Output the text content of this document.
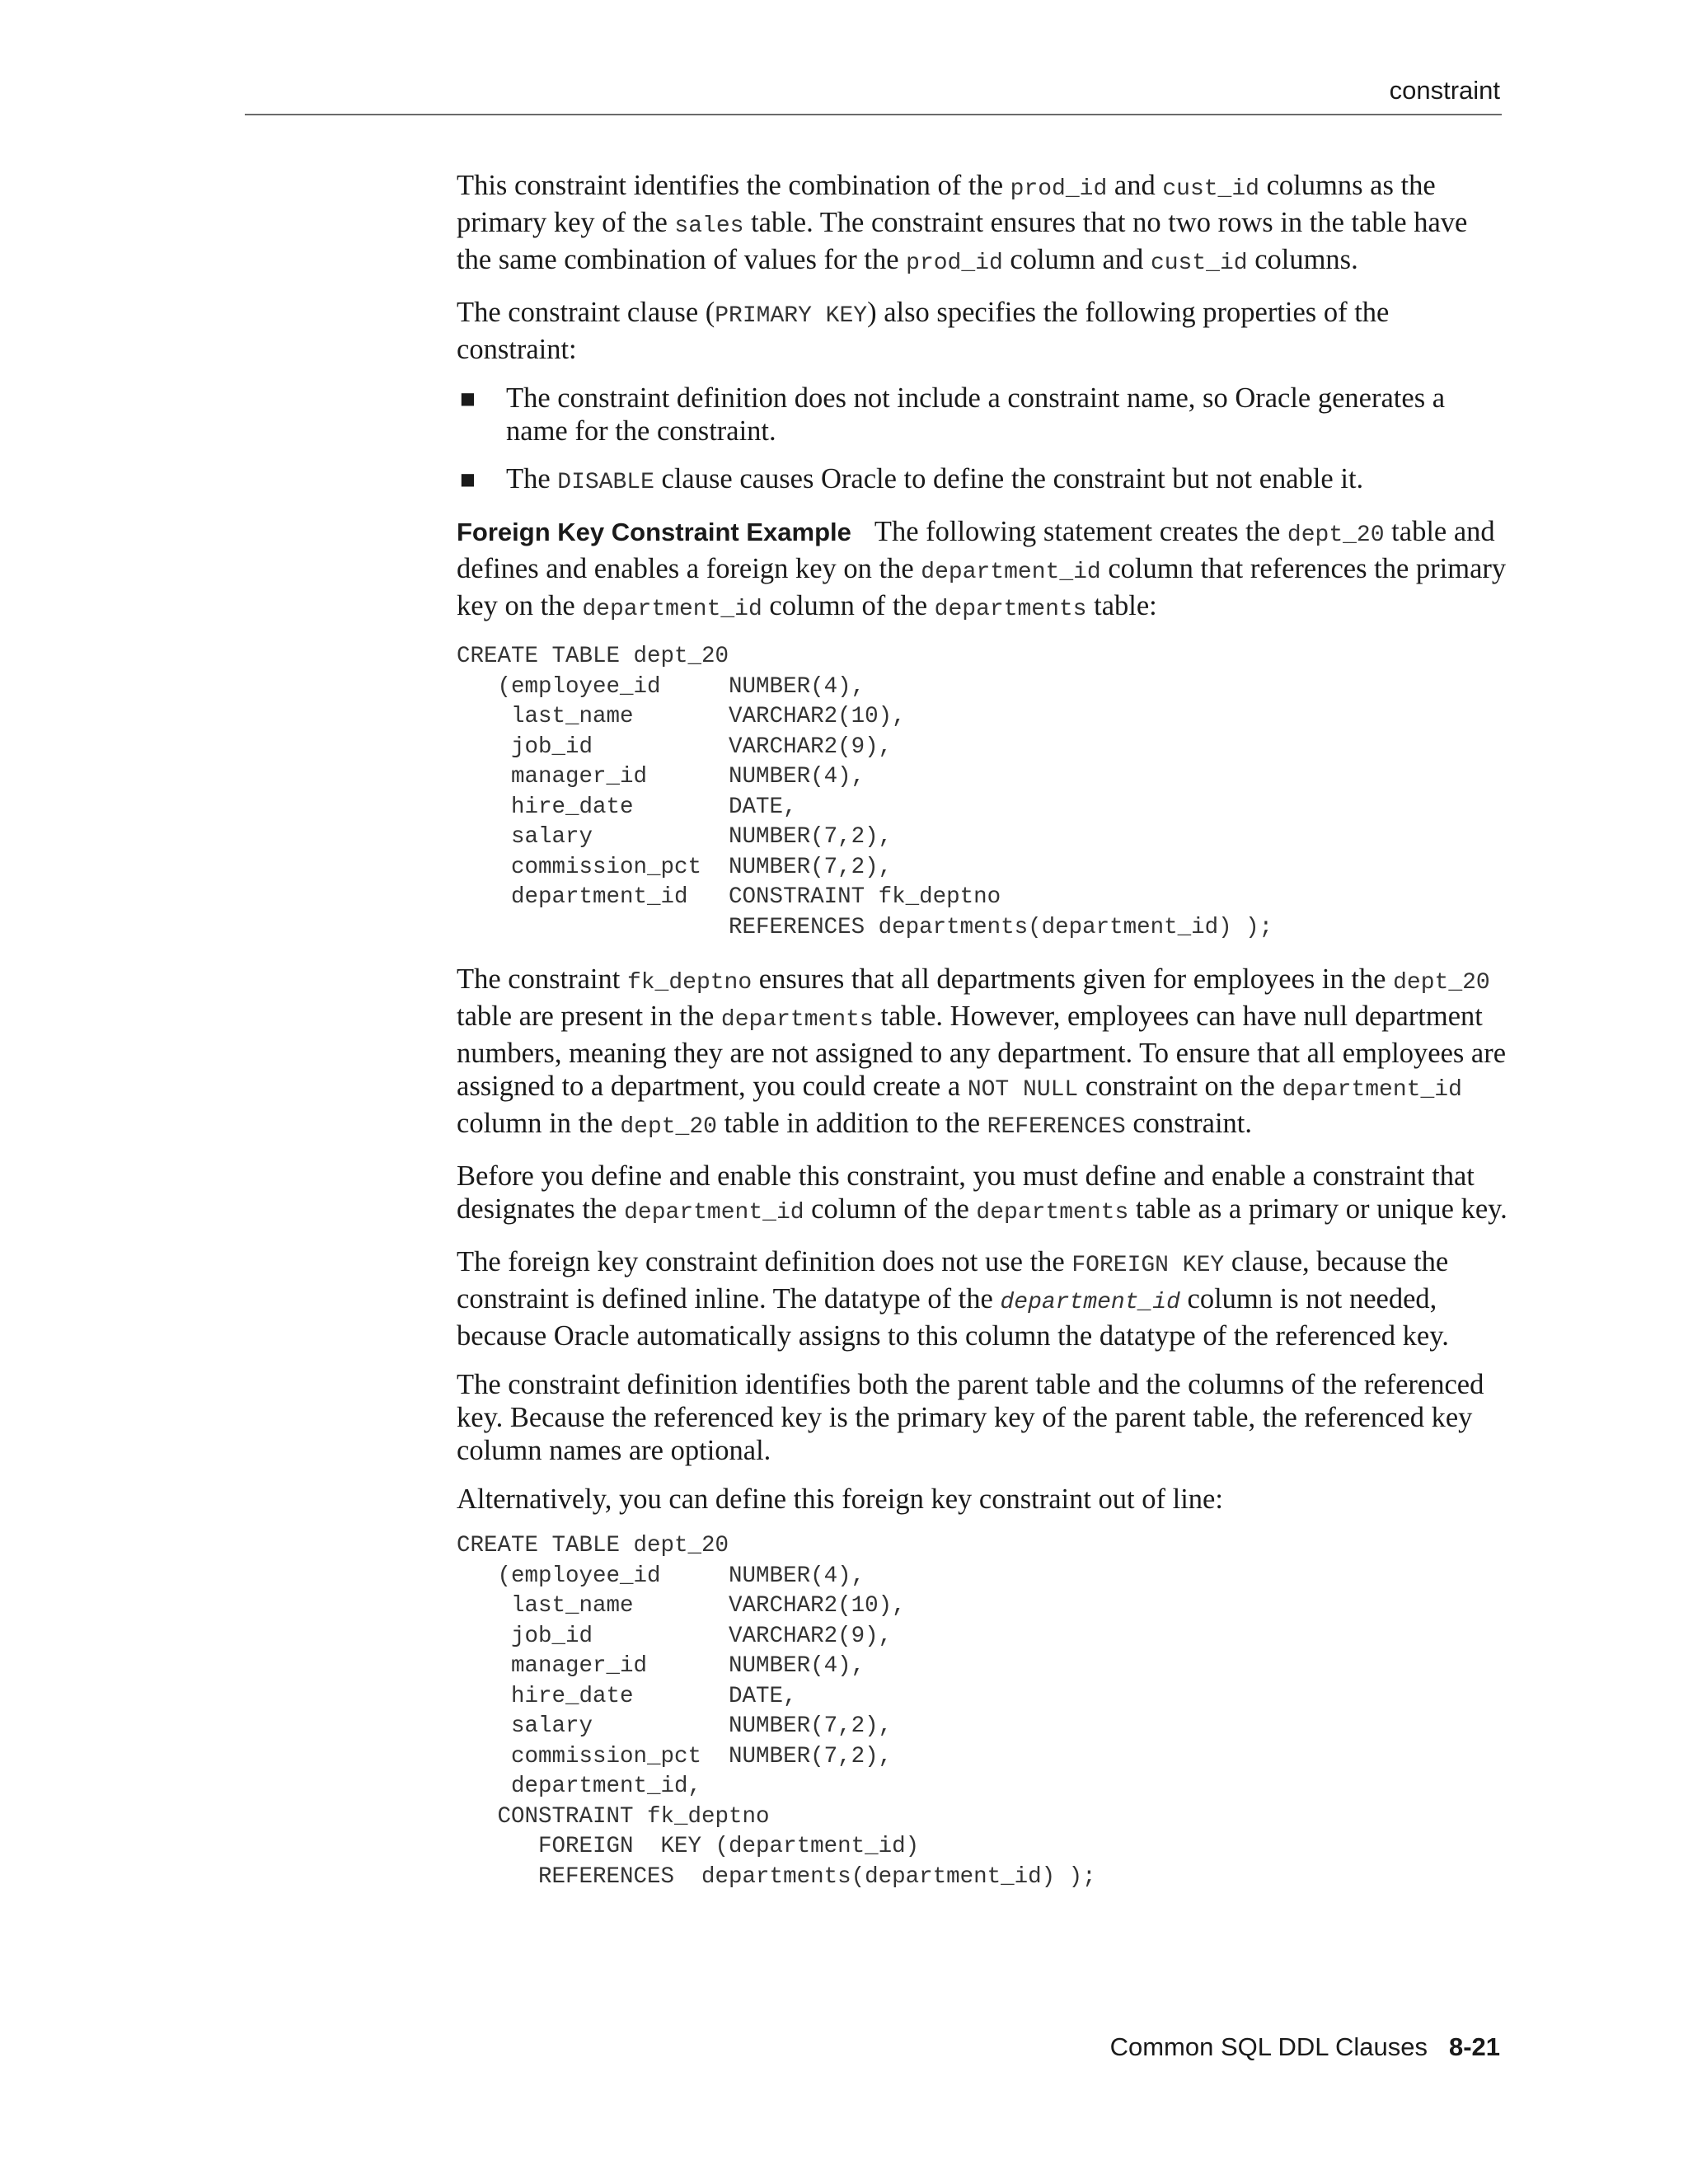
constraint

This constraint identifies the combination of the prod_id and cust_id columns as the primary key of the sales table. The constraint ensures that no two rows in the table have the same combination of values for the prod_id column and cust_id columns.

The constraint clause (PRIMARY KEY) also specifies the following properties of the constraint:

■ The constraint definition does not include a constraint name, so Oracle generates a name for the constraint.
■ The DISABLE clause causes Oracle to define the constraint but not enable it.

Foreign Key Constraint Example The following statement creates the dept_20 table and defines and enables a foreign key on the department_id column that references the primary key on the department_id column of the departments table:

CREATE TABLE dept_20
(employee_id     NUMBER(4),
last_name       VARCHAR2(10),
job_id          VARCHAR2(9),
manager_id      NUMBER(4),
hire_date       DATE,
salary          NUMBER(7,2),
commission_pct  NUMBER(7,2),
department_id   CONSTRAINT fk_deptno
REFERENCES departments(department_id) );

The constraint fk_deptno ensures that all departments given for employees in the dept_20 table are present in the departments table. However, employees can have null department numbers, meaning they are not assigned to any department. To ensure that all employees are assigned to a department, you could create a NOT NULL constraint on the department_id column in the dept_20 table in addition to the REFERENCES constraint.

Before you define and enable this constraint, you must define and enable a constraint that designates the department_id column of the departments table as a primary or unique key.

The foreign key constraint definition does not use the FOREIGN KEY clause, because the constraint is defined inline. The datatype of the department_id column is not needed, because Oracle automatically assigns to this column the datatype of the referenced key.

The constraint definition identifies both the parent table and the columns of the referenced key. Because the referenced key is the primary key of the parent table, the referenced key column names are optional.

Alternatively, you can define this foreign key constraint out of line:

CREATE TABLE dept_20
(employee_id     NUMBER(4),
last_name       VARCHAR2(10),
job_id          VARCHAR2(9),
manager_id      NUMBER(4),
hire_date       DATE,
salary          NUMBER(7,2),
commission_pct  NUMBER(7,2),
department_id,
CONSTRAINT fk_deptno
FOREIGN  KEY (department_id)
REFERENCES  departments(department_id) );
Common SQL DDL Clauses 8-21
